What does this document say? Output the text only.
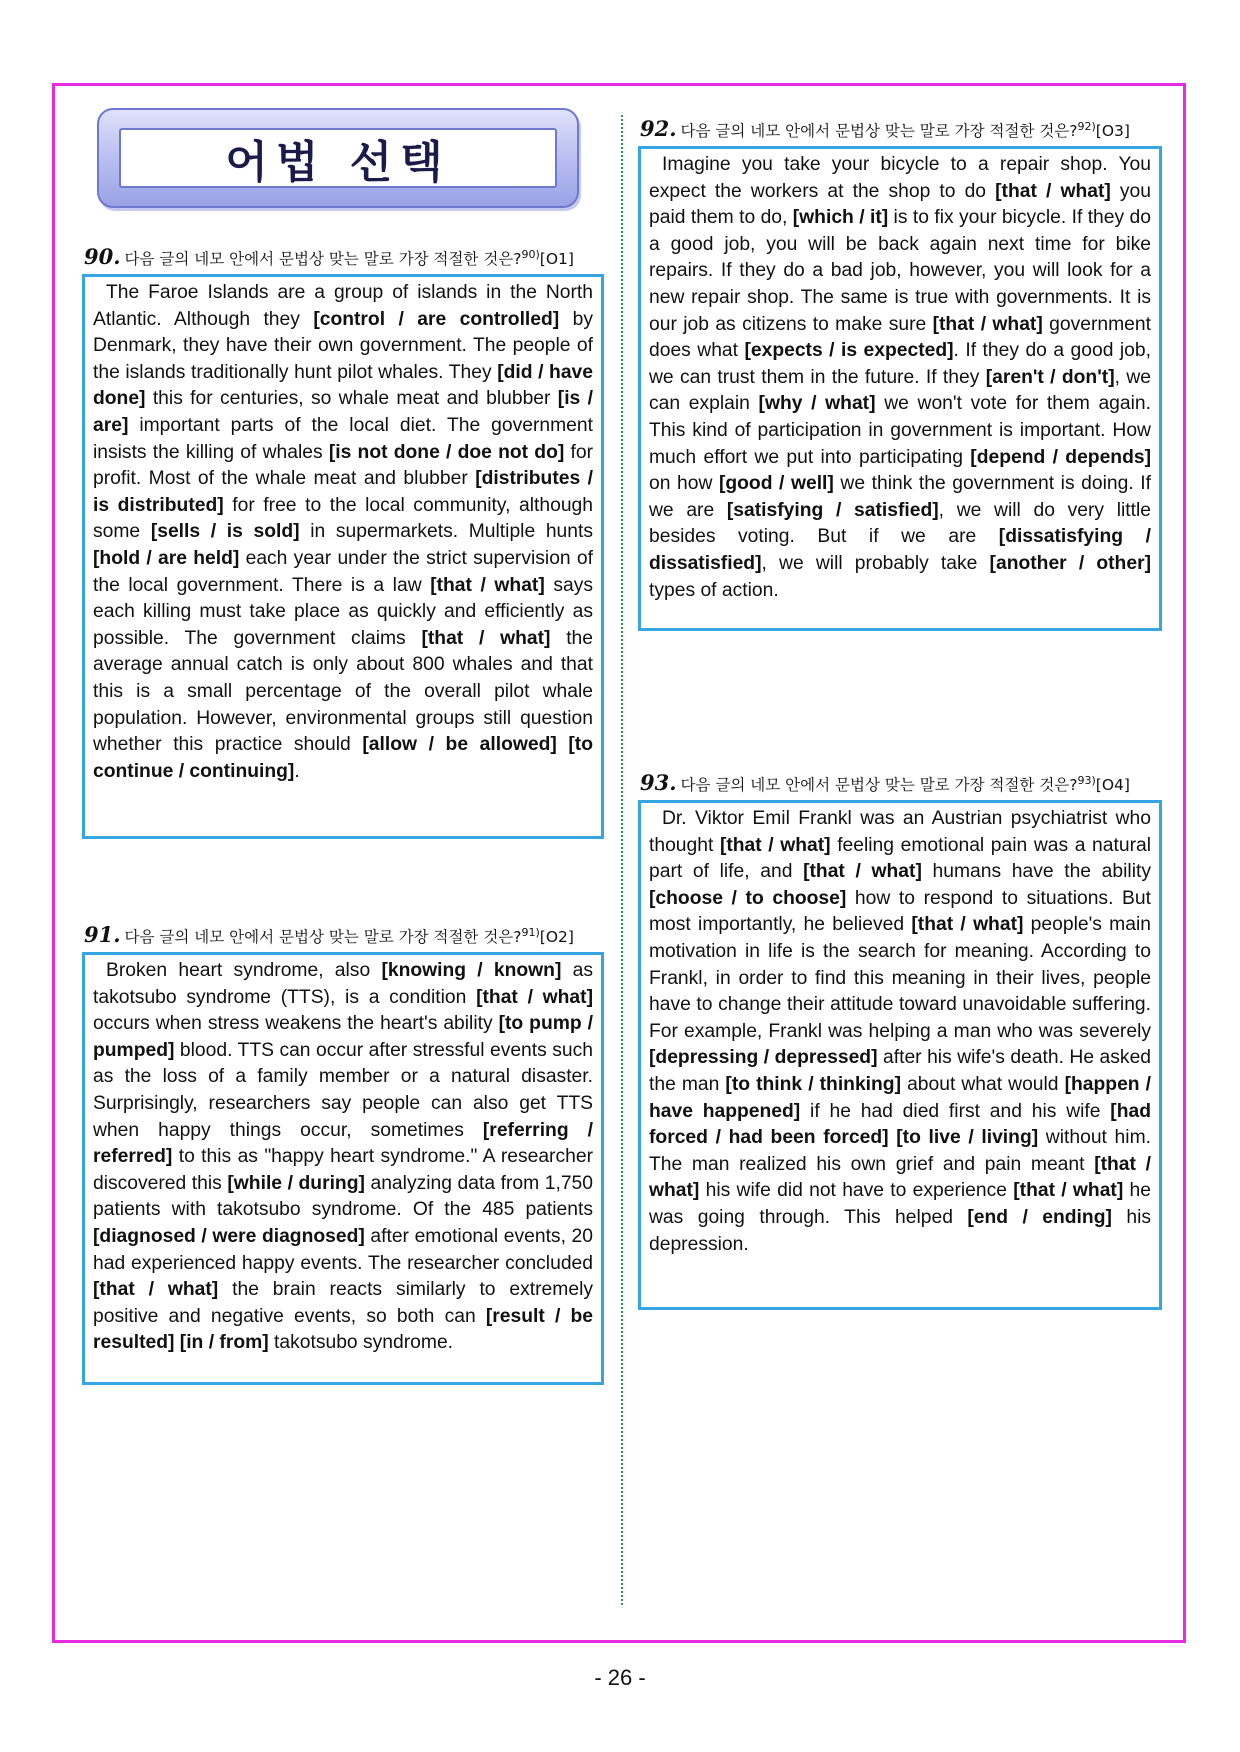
어법 선택
90. 다음 글의 네모 안에서 문법상 맞는 말로 가장 적절한 것은?$^{90)}$[O1]

The Faroe Islands are a group of islands in the North Atlantic. Although they [control / are controlled] by Denmark, they have their own government. The people of the islands traditionally hunt pilot whales. They [did / have done] this for centuries, so whale meat and blubber [is / are] important parts of the local diet. The government insists the killing of whales [is not done / doe not do] for profit. Most of the whale meat and blubber [distributes / is distributed] for free to the local community, although some [sells / is sold] in supermarkets. Multiple hunts [hold / are held] each year under the strict supervision of the local government. There is a law [that / what] says each killing must take place as quickly and efficiently as possible. The government claims [that / what] the average annual catch is only about 800 whales and that this is a small percentage of the overall pilot whale population. However, environmental groups still question whether this practice should [allow / be allowed] [to continue / continuing].

91. 다음 글의 네모 안에서 문법상 맞는 말로 가장 적절한 것은?$^{91)}$[O2]

Broken heart syndrome, also [knowing / known] as takotsubo syndrome (TTS), is a condition [that / what] occurs when stress weakens the heart's ability [to pump / pumped] blood. TTS can occur after stressful events such as the loss of a family member or a natural disaster. Surprisingly, researchers say people can also get TTS when happy things occur, sometimes [referring / referred] to this as "happy heart syndrome." A researcher discovered this [while / during] analyzing data from 1,750 patients with takotsubo syndrome. Of the 485 patients [diagnosed / were diagnosed] after emotional events, 20 had experienced happy events. The researcher concluded [that / what] the brain reacts similarly to extremely positive and negative events, so both can [result / be resulted] [in / from] takotsubo syndrome.

92. 다음 글의 네모 안에서 문법상 맞는 말로 가장 적절한 것은?$^{92)}$[O3]

Imagine you take your bicycle to a repair shop. You expect the workers at the shop to do [that / what] you paid them to do, [which / it] is to fix your bicycle. If they do a good job, you will be back again next time for bike repairs. If they do a bad job, however, you will look for a new repair shop. The same is true with governments. It is our job as citizens to make sure [that / what] government does what [expects / is expected]. If they do a good job, we can trust them in the future. If they [aren't / don't], we can explain [why / what] we won't vote for them again. This kind of participation in government is important. How much effort we put into participating [depend / depends] on how [good / well] we think the government is doing. If we are [satisfying / satisfied], we will do very little besides voting. But if we are [dissatisfying / dissatisfied], we will probably take [another / other] types of action.

93. 다음 글의 네모 안에서 문법상 맞는 말로 가장 적절한 것은?$^{93)}$[O4]

Dr. Viktor Emil Frankl was an Austrian psychiatrist who thought [that / what] feeling emotional pain was a natural part of life, and [that / what] humans have the ability [choose / to choose] how to respond to situations. But most importantly, he believed [that / what] people's main motivation in life is the search for meaning. According to Frankl, in order to find this meaning in their lives, people have to change their attitude toward unavoidable suffering. For example, Frankl was helping a man who was severely [depressing / depressed] after his wife's death. He asked the man [to think / thinking] about what would [happen / have happened] if he had died first and his wife [had forced / had been forced] [to live / living] without him. The man realized his own grief and pain meant [that / what] his wife did not have to experience [that / what] he was going through. This helped [end / ending] his depression.

- 26 -
